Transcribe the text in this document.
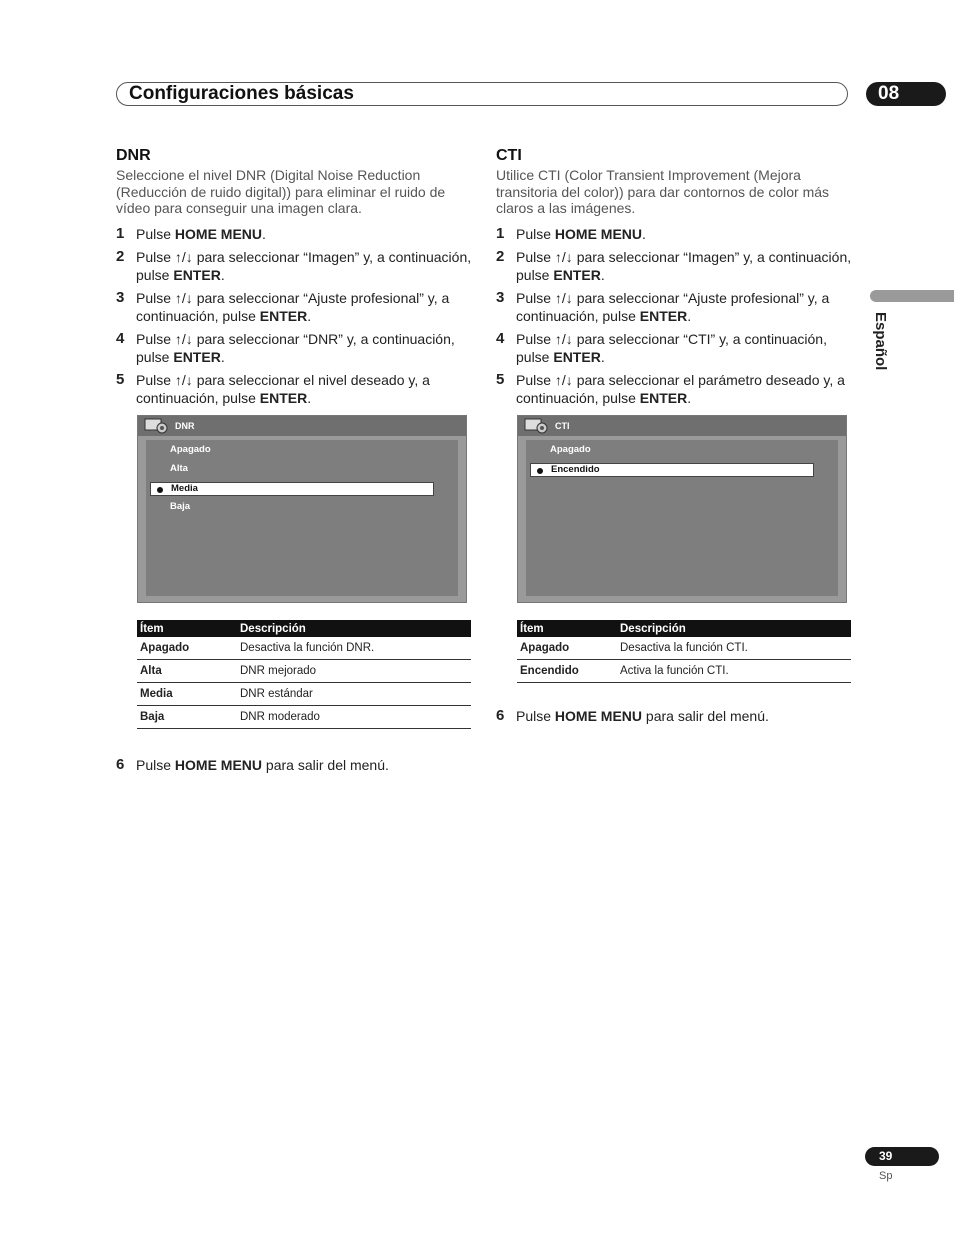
Configuraciones básicas	08
Español
DNR
Seleccione el nivel DNR (Digital Noise Reduction (Reducción de ruido digital)) para eliminar el ruido de vídeo para conseguir una imagen clara.
1 Pulse HOME MENU.
2 Pulse ↑/↓ para seleccionar “Imagen” y, a continuación, pulse ENTER.
3 Pulse ↑/↓ para seleccionar “Ajuste profesional” y, a continuación, pulse ENTER.
4 Pulse ↑/↓ para seleccionar “DNR” y, a continuación, pulse ENTER.
5 Pulse ↑/↓ para seleccionar el nivel deseado y, a continuación, pulse ENTER.
DNR
Apagado
Alta
Media
Baja
Ítem	Descripción
Apagado	Desactiva la función DNR.
Alta	DNR mejorado
Media	DNR estándar
Baja	DNR moderado
6 Pulse HOME MENU para salir del menú.
CTI
Utilice CTI (Color Transient Improvement (Mejora transitoria del color)) para dar contornos de color más claros a las imágenes.
1 Pulse HOME MENU.
2 Pulse ↑/↓ para seleccionar “Imagen” y, a continuación, pulse ENTER.
3 Pulse ↑/↓ para seleccionar “Ajuste profesional” y, a continuación, pulse ENTER.
4 Pulse ↑/↓ para seleccionar “CTI” y, a continuación, pulse ENTER.
5 Pulse ↑/↓ para seleccionar el parámetro deseado y, a continuación, pulse ENTER.
CTI
Apagado
Encendido
Ítem	Descripción
Apagado	Desactiva la función CTI.
Encendido	Activa la función CTI.
6 Pulse HOME MENU para salir del menú.
39
Sp
